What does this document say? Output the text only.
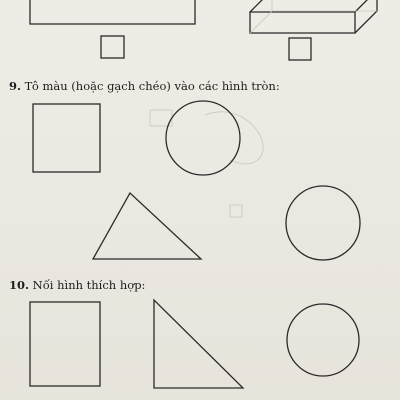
9. Tô màu (hoặc gạch chéo) vào các hình tròn:
10. Nối hình thích hợp:
